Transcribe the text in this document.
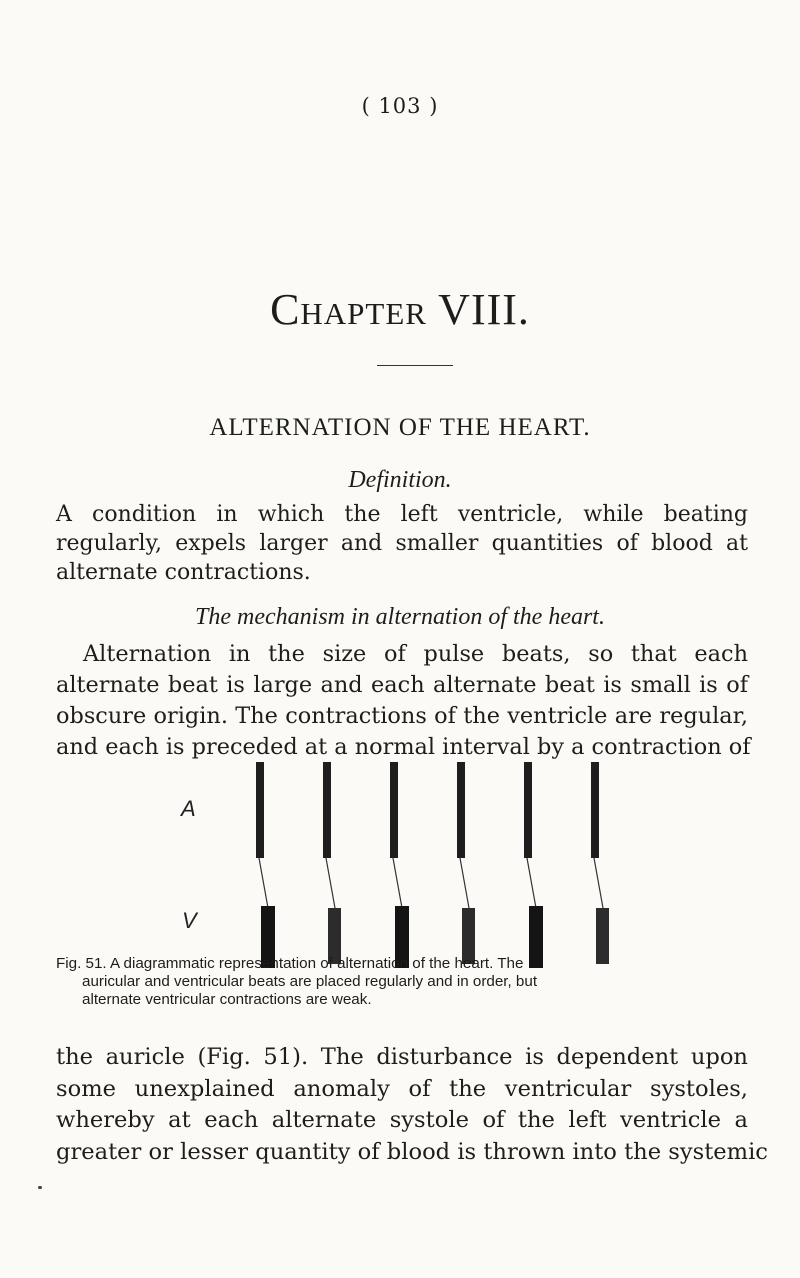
( 103 )
Chapter VIII.
ALTERNATION OF THE HEART.
Definition.
A condition in which the left ventricle, while beating
regularly, expels larger and smaller quantities of blood at
alternate contractions.
The mechanism in alternation of the heart.
Alternation in the size of pulse beats, so that each
alternate beat is large and each alternate beat is small is of
obscure origin. The contractions of the ventricle are regular,
and each is preceded at a normal interval by a contraction of
A
V
Fig. 51. A diagrammatic representation of alternation of the heart. The
auricular and ventricular beats are placed regularly and in order, but
alternate ventricular contractions are weak.
the auricle (Fig. 51). The disturbance is dependent upon
some unexplained anomaly of the ventricular systoles,
whereby at each alternate systole of the left ventricle a
greater or lesser quantity of blood is thrown into the systemic
